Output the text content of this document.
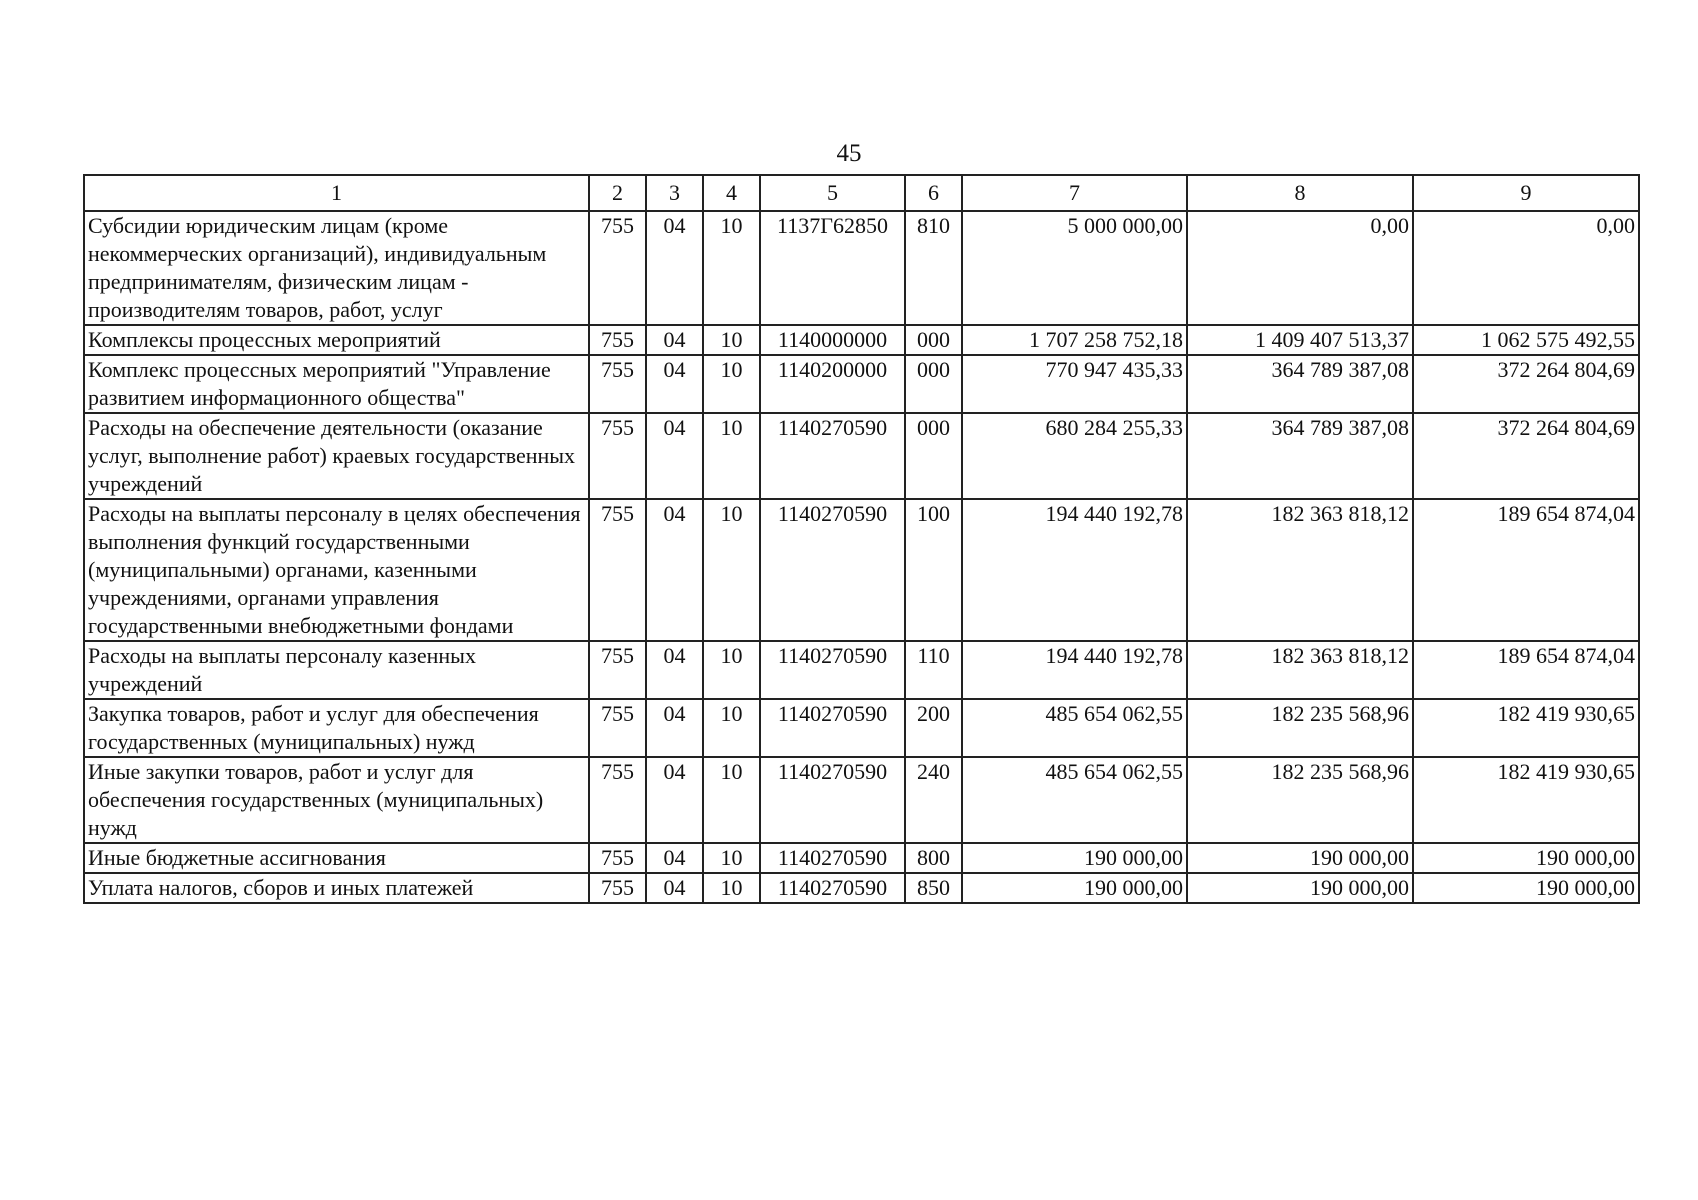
45
1	2	3	4	5	6	7	8	9
Субсидии юридическим лицам (кроме некоммерческих организаций), индивидуальным предпринимателям, физическим лицам - производителям товаров, работ, услуг	755	04	10	1137Г62850	810	5 000 000,00	0,00	0,00
Комплексы процессных мероприятий	755	04	10	1140000000	000	1 707 258 752,18	1 409 407 513,37	1 062 575 492,55
Комплекс процессных мероприятий "Управление развитием информационного общества"	755	04	10	1140200000	000	770 947 435,33	364 789 387,08	372 264 804,69
Расходы на обеспечение деятельности (оказание услуг, выполнение работ) краевых государственных учреждений	755	04	10	1140270590	000	680 284 255,33	364 789 387,08	372 264 804,69
Расходы на выплаты персоналу в целях обеспечения выполнения функций государственными (муниципальными) органами, казенными учреждениями, органами управления государственными внебюджетными фондами	755	04	10	1140270590	100	194 440 192,78	182 363 818,12	189 654 874,04
Расходы на выплаты персоналу казенных учреждений	755	04	10	1140270590	110	194 440 192,78	182 363 818,12	189 654 874,04
Закупка товаров, работ и услуг для обеспечения государственных (муниципальных) нужд	755	04	10	1140270590	200	485 654 062,55	182 235 568,96	182 419 930,65
Иные закупки товаров, работ и услуг для обеспечения государственных (муниципальных) нужд	755	04	10	1140270590	240	485 654 062,55	182 235 568,96	182 419 930,65
Иные бюджетные ассигнования	755	04	10	1140270590	800	190 000,00	190 000,00	190 000,00
Уплата налогов, сборов и иных платежей	755	04	10	1140270590	850	190 000,00	190 000,00	190 000,00
